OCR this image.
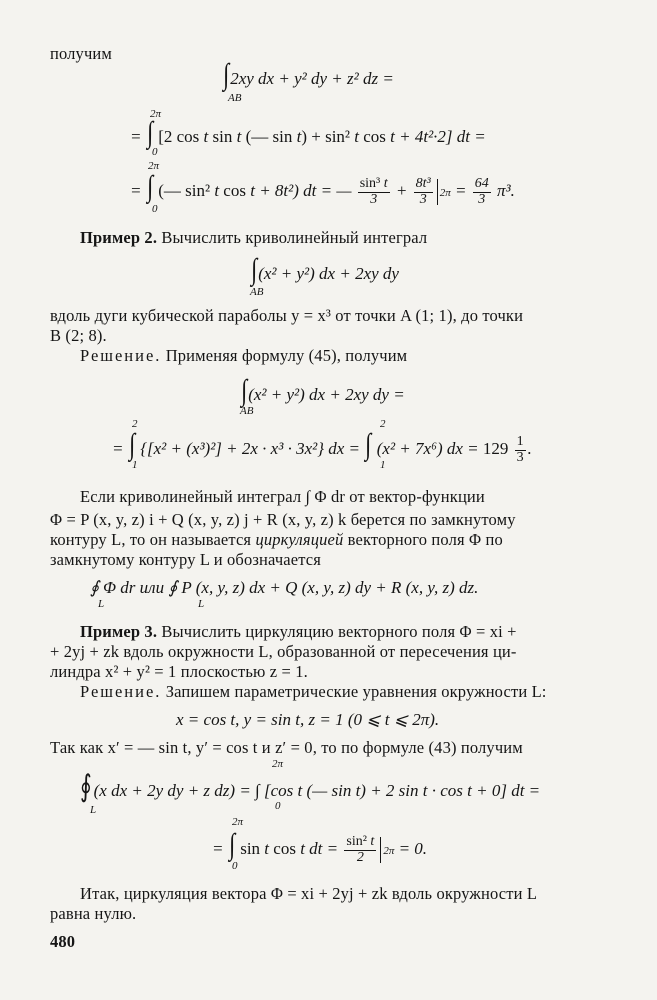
получим
∫2xy dx + y² dy + z² dz =
AB
2π
= ∫ [2 cos t sin t (— sin t) + sin² t cos t + 4t²·2] dt =
0
2π
= ∫ (— sin² t cos t + 8t²) dt = — $\frac{\text{sin³ t}}{3} + \frac{\text{8t³}}{3} 2\pi = \frac{64}{3} \pi^3$.
0
Пример 2. Вычислить криволинейный интеграл
∫(x² + y²) dx + 2xy dy
AB
вдоль дуги кубической параболы y = x³ от точки A (1; 1), до точки
B (2; 8).
Решение. Применяя формулу (45), получим
∫(x² + y²) dx + 2xy dy =
AB
2	2
= ∫ {[x² + (x³)²] + 2x · x³ · 3x²} dx = ∫ (x² + 7x⁶) dx = $129 \frac{1}{3}$ .
1	1
Если криволинейный интеграл ∫ Φ dr от вектор-функции
Φ = P (x, y, z) i + Q (x, y, z) j + R (x, y, z) k берется по замкнутому
контуру L, то он называется циркуляцией векторного поля Φ по
замкнутому контуру L и обозначается
∮ Φ dr или ∮ P (x, y, z) dx + Q (x, y, z) dy + R (x, y, z) dz.
L	L
Пример 3. Вычислить циркуляцию векторного поля Φ = xi +
+ 2yj + zk вдоль окружности L, образованной от пересечения ци-
линдра x² + y² = 1 плоскостью z = 1.
Решение. Запишем параметрические уравнения окружности L:
x = cos t, y = sin t, z = 1 (0 ⩽ t ⩽ 2π).
Так как x′ = — sin t, y′ = cos t и z′ = 0, то по формуле (43) получим
2π
∮ (x dx + 2y dy + z dz) = ∫ [cos t (— sin t) + 2 sin t · cos t + 0] dt =
L	0
2π
= ∫ sin t cos t dt = $\frac{\text{sin² t}}{2} 2\pi = 0$.
0
Итак, циркуляция вектора Φ = xi + 2yj + zk вдоль окружности L
равна нулю.
480
